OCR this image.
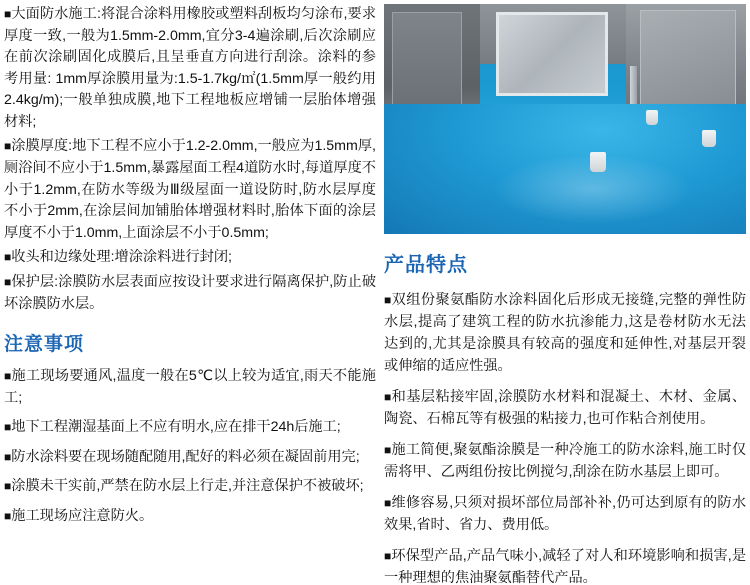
■大面防水施工:将混合涂料用橡胶或塑料刮板均匀涂布,要求厚度一致,一般为1.5mm-2.0mm,宜分3-4遍涂刷,后次涂刷应在前次涂刷固化成膜后,且呈垂直方向进行刮涂。涂料的参考用量: 1mm厚涂膜用量为:1.5-1.7kg/㎡(1.5mm厚一般约用2.4kg/m);一般单独成膜,地下工程地板应增铺一层胎体增强材料;

■涂膜厚度:地下工程不应小于1.2-2.0mm,一般应为1.5mm厚,厕浴间不应小于1.5mm,暴露屋面工程4道防水时,每道厚度不小于1.2mm,在防水等级为Ⅲ级屋面一道设防时,防水层厚度不小于2mm,在涂层间加铺胎体增强材料时,胎体下面的涂层厚度不小于1.0mm,上面涂层不小于0.5mm;

■收头和边缘处理:增涂涂料进行封闭;

■保护层:涂膜防水层表面应按设计要求进行隔离保护,防止破坏涂膜防水层。

注意事项

■施工现场要通风,温度一般在5℃以上较为适宜,雨天不能施工;

■地下工程潮湿基面上不应有明水,应在排干24h后施工;

■防水涂料要在现场随配随用,配好的料必须在凝固前用完;

■涂膜未干实前,严禁在防水层上行走,并注意保护不被破坏;

■施工现场应注意防火。

产品特点

■双组份聚氨酯防水涂料固化后形成无接缝,完整的弹性防水层,提高了建筑工程的防水抗渗能力,这是卷材防水无法达到的,尤其是涂膜具有较高的强度和延伸性,对基层开裂或伸缩的适应性强。

■和基层粘接牢固,涂膜防水材料和混凝土、木材、金属、陶瓷、石棉瓦等有极强的粘接力,也可作粘合剂使用。

■施工简便,聚氨酯涂膜是一种冷施工的防水涂料,施工时仅需将甲、乙两组份按比例搅匀,刮涂在防水基层上即可。

■维修容易,只须对损坏部位局部补补,仍可达到原有的防水效果,省时、省力、费用低。

■环保型产品,产品气味小,减轻了对人和环境影响和损害,是一种理想的焦油聚氨酯替代产品。
